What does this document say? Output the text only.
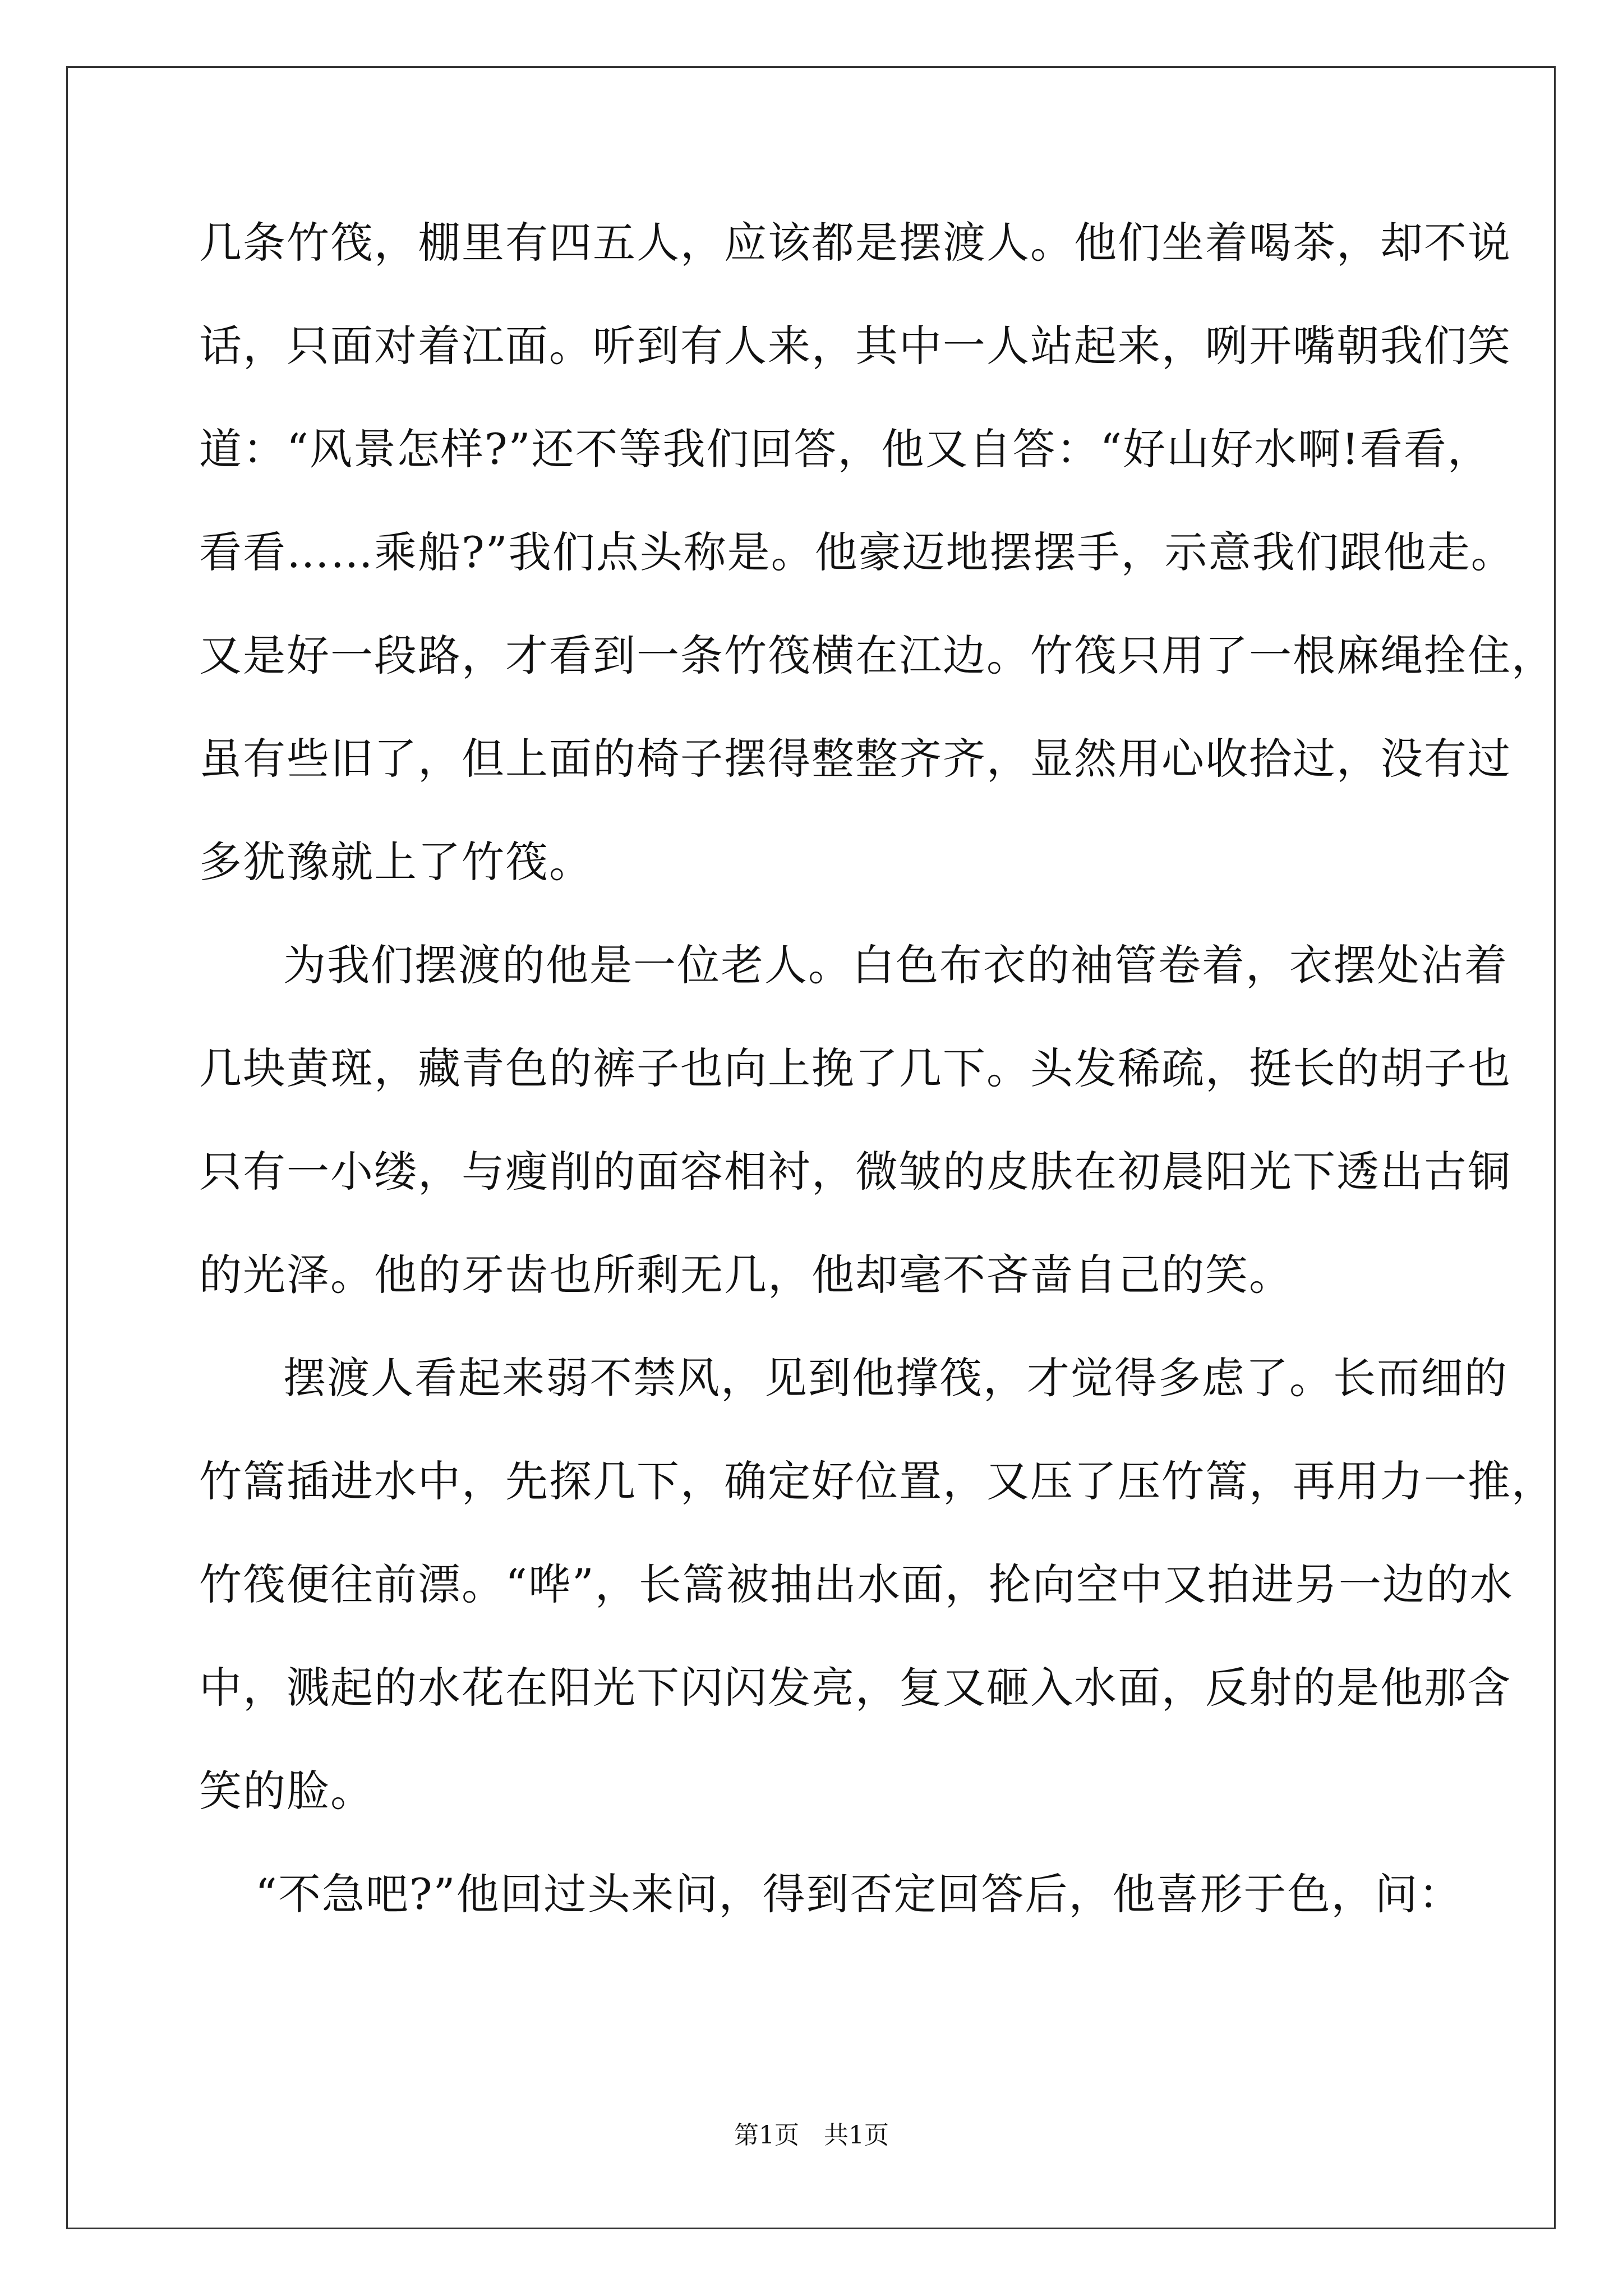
几条竹筏，棚里有四五人，应该都是摆渡人。他们坐着喝茶，却不说
话，只面对着江面。听到有人来，其中一人站起来，咧开嘴朝我们笑
道：“风景怎样?”还不等我们回答，他又自答：“好山好水啊!看看，
看看……乘船?”我们点头称是。他豪迈地摆摆手，示意我们跟他走。
又是好一段路，才看到一条竹筏横在江边。竹筏只用了一根麻绳拴住，
虽有些旧了，但上面的椅子摆得整整齐齐，显然用心收拾过，没有过
多犹豫就上了竹筏。
为我们摆渡的他是一位老人。白色布衣的袖管卷着，衣摆处沾着
几块黄斑，藏青色的裤子也向上挽了几下。头发稀疏，挺长的胡子也
只有一小缕，与瘦削的面容相衬，微皱的皮肤在初晨阳光下透出古铜
的光泽。他的牙齿也所剩无几，他却毫不吝啬自己的笑。
摆渡人看起来弱不禁风，见到他撑筏，才觉得多虑了。长而细的
竹篙插进水中，先探几下，确定好位置，又压了压竹篙，再用力一推，
竹筏便往前漂。“哗”，长篙被抽出水面，抡向空中又拍进另一边的水
中，溅起的水花在阳光下闪闪发亮，复又砸入水面，反射的是他那含
笑的脸。
“不急吧?”他回过头来问，得到否定回答后，他喜形于色，问：
第1页　共1页
